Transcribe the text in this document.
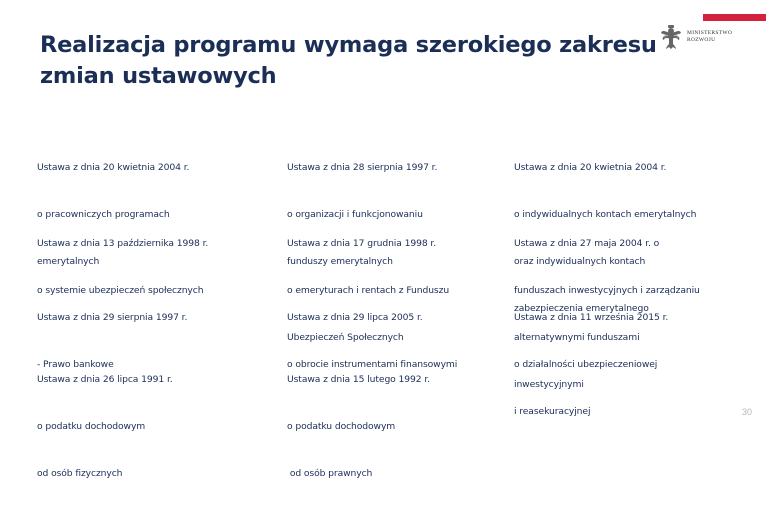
MINISTERSTWO
ROZWOJU
Realizacja programu wymaga szerokiego zakresu
zmian ustawowych

Ustawa z dnia 20 kwietnia 2004 r.

o pracowniczych programach

emerytalnych

Ustawa z dnia 13 października 1998 r.

o systemie ubezpieczeń społecznych

Ustawa z dnia 29 sierpnia 1997 r.

- Prawo bankowe

Ustawa z dnia 26 lipca 1991 r.

o podatku dochodowym

od osób fizycznych

Ustawa z dnia 28 sierpnia 1997 r.

o organizacji i funkcjonowaniu

funduszy emerytalnych

Ustawa z dnia 17 grudnia 1998 r.

o emeryturach i rentach z Funduszu

Ubezpieczeń Społecznych

Ustawa z dnia 29 lipca 2005 r.

o obrocie instrumentami finansowymi

Ustawa z dnia 15 lutego 1992 r.

o podatku dochodowym

od osób prawnych

Ustawa z dnia 20 kwietnia 2004 r.

o indywidualnych kontach emerytalnych

oraz indywidualnych kontach

zabezpieczenia emerytalnego

Ustawa z dnia 27 maja 2004 r. o

funduszach inwestycyjnych i zarządzaniu

alternatywnymi funduszami

inwestycyjnymi

Ustawa z dnia 11 września 2015 r.

o działalności ubezpieczeniowej

i reasekuracyjnej

	30
